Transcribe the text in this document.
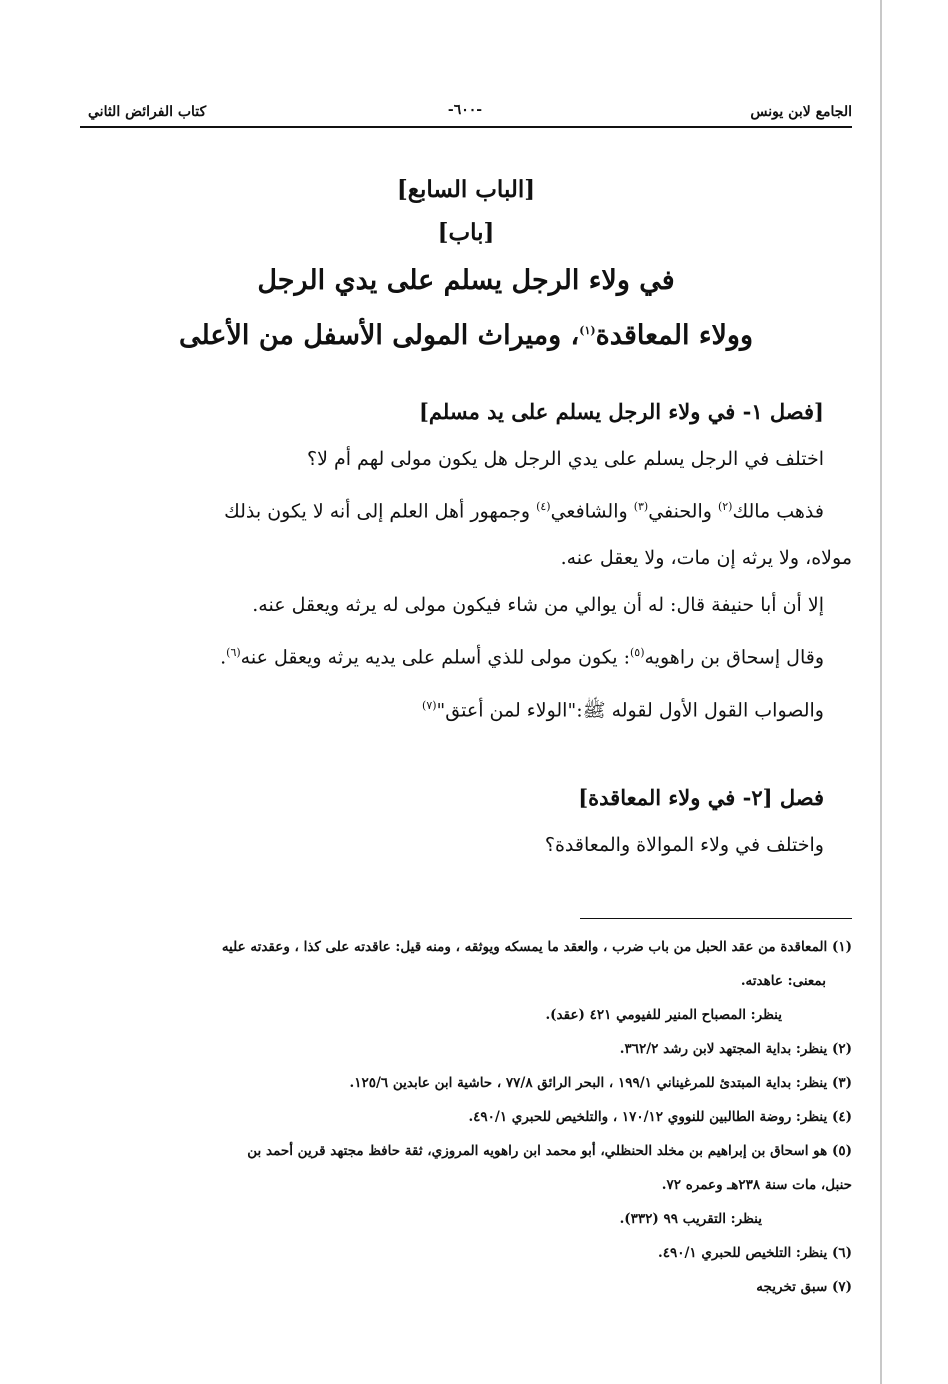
الجامع لابن يونس
-٦٠٠-
كتاب الفرائض الثاني
[الباب السابع]
[باب]
في ولاء الرجل يسلم على يدي الرجل
وولاء المعاقدة$^{(١)}$، وميراث المولى الأسفل من الأعلى
[فصل ١- في ولاء الرجل يسلم على يد مسلم]

اختلف في الرجل يسلم على يدي الرجل هل يكون مولى لهم أم لا؟

فذهب مالك$^{(٢)}$ والحنفي$^{(٣)}$ والشافعي$^{(٤)}$ وجمهور أهل العلم إلى أنه لا يكون بذلك

مولاه، ولا يرثه إن مات، ولا يعقل عنه.

إلا أن أبا حنيفة قال: له أن يوالي من شاء فيكون مولى له يرثه ويعقل عنه.

وقال إسحاق بن راهويه$^{(٥)}$: يكون مولى للذي أسلم على يديه يرثه ويعقل عنه$^{(٦)}$.

والصواب القول الأول لقوله ﷺ:"الولاء لمن أعتق"$^{(٧)}$

فصل [٢- في ولاء المعاقدة]

واختلف في ولاء الموالاة والمعاقدة؟

(١) المعاقدة من عقد الحبل من باب ضرب ، والعقد ما يمسكه ويوثقه ، ومنه قيل: عاقدته على كذا ، وعقدته عليه

بمعنى: عاهدته.

ينظر: المصباح المنير للفيومي ٤٢١ (عقد).

(٢) ينظر: بداية المجتهد لابن رشد ٣٦٢/٢.

(٣) ينظر: بداية المبتدئ للمرغيناني ١٩٩/١ ، البحر الرائق ٧٧/٨ ، حاشية ابن عابدين ١٢٥/٦.

(٤) ينظر: روضة الطالبين للنووي ١٧٠/١٢ ، والتلخيص للحبري ٤٩٠/١.

(٥) هو اسحاق بن إبراهيم بن مخلد الحنظلي، أبو محمد ابن راهويه المروزي، ثقة حافظ مجتهد قرين أحمد بن

حنبل، مات سنة ٢٣٨هـ وعمره ٧٢.

ينظر: التقريب ٩٩ (٣٣٢).

(٦) ينظر: التلخيص للحبري ٤٩٠/١.

(٧) سبق تخريجه
